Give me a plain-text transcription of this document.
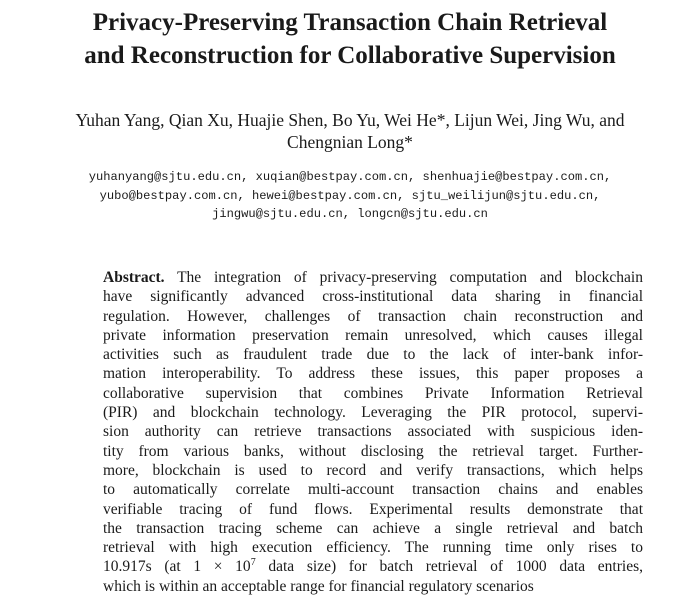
Privacy-Preserving Transaction Chain Retrieval
and Reconstruction for Collaborative Supervision
Yuhan Yang, Qian Xu, Huajie Shen, Bo Yu, Wei He*, Lijun Wei, Jing Wu, and
Chengnian Long*
yuhanyang@sjtu.edu.cn, xuqian@bestpay.com.cn, shenhuajie@bestpay.com.cn,
yubo@bestpay.com.cn, hewei@bestpay.com.cn, sjtu_weilijun@sjtu.edu.cn,
jingwu@sjtu.edu.cn, longcn@sjtu.edu.cn
Abstract. The integration of privacy-preserving computation and blockchain
have significantly advanced cross-institutional data sharing in financial
regulation. However, challenges of transaction chain reconstruction and
private information preservation remain unresolved, which causes illegal
activities such as fraudulent trade due to the lack of inter-bank infor-
mation interoperability. To address these issues, this paper proposes a
collaborative supervision that combines Private Information Retrieval
(PIR) and blockchain technology. Leveraging the PIR protocol, supervi-
sion authority can retrieve transactions associated with suspicious iden-
tity from various banks, without disclosing the retrieval target. Further-
more, blockchain is used to record and verify transactions, which helps
to automatically correlate multi-account transaction chains and enables
verifiable tracing of fund flows. Experimental results demonstrate that
the transaction tracing scheme can achieve a single retrieval and batch
retrieval with high execution efficiency. The running time only rises to
10.917s (at $1 \times 10^7$ data size) for batch retrieval of 1000 data entries,
which is within an acceptable range for financial regulatory scenarios
